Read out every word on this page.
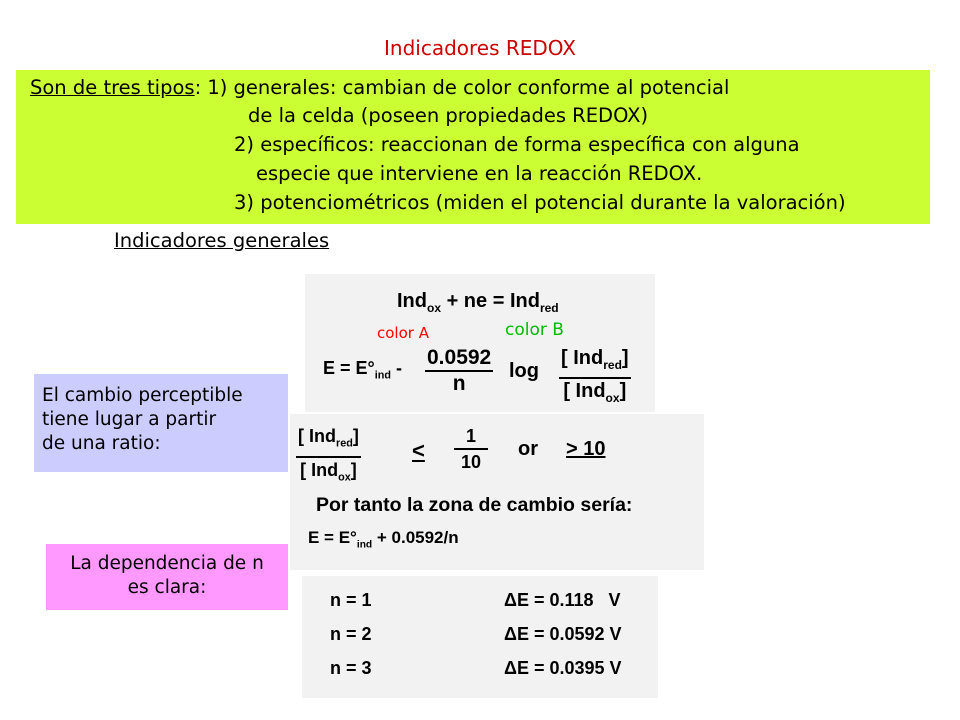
Indicadores REDOX
Son de tres tipos: 1) generales: cambian de color conforme al potencial
de la celda (poseen propiedades REDOX)
2) específicos: reaccionan de forma específica con alguna
especie que interviene en la reacción REDOX.
3) potenciométricos (miden el potencial durante la valoración)
Indicadores generales
Ind$_{ox}$ + ne = Ind$_{red}$
color A	color B
$E = E^\circ_{ind} - 0.0592$
n
log
[ Ind$_{red}$]
[ Ind$_{ox}$]
[ Ind$_{red}$]
[ Ind$_{ox}$]
<
1
10
or > 10
Por tanto la zona de cambio sería:
$E = E^\circ_{ind} + 0.0592/n$
El cambio perceptible
tiene lugar a partir
de una ratio:
La dependencia de n
es clara:
n = 1	ΔE = 0.118   V
n = 2	ΔE = 0.0592 V
n = 3	ΔE = 0.0395 V
